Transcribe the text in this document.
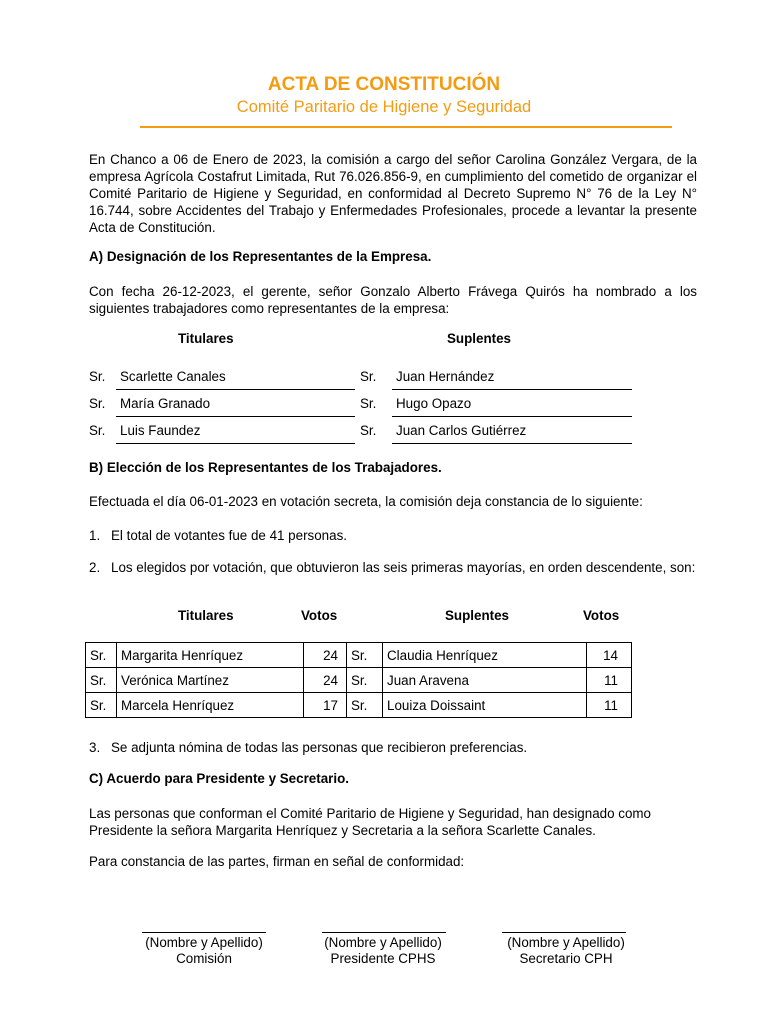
ACTA DE CONSTITUCIÓN
Comité Paritario de Higiene y Seguridad

En Chanco a 06 de Enero de 2023, la comisión a cargo del señor Carolina González Vergara, de la empresa Agrícola Costafrut Limitada, Rut 76.026.856-9, en cumplimiento del cometido de organizar el Comité Paritario de Higiene y Seguridad, en conformidad al Decreto Supremo N° 76 de la Ley N° 16.744, sobre Accidentes del Trabajo y Enfermedades Profesionales, procede a levantar la presente Acta de Constitución.

A) Designación de los Representantes de la Empresa.

Con fecha 26-12-2023, el gerente, señor Gonzalo Alberto Frávega Quirós ha nombrado a los siguientes trabajadores como representantes de la empresa:

Titulares	Suplentes
Sr. Scarlette Canales	Sr. Juan Hernández
Sr. María Granado	Sr. Hugo Opazo
Sr. Luis Faundez	Sr. Juan Carlos Gutiérrez
B) Elección de los Representantes de los Trabajadores.

Efectuada el día 06-01-2023 en votación secreta, la comisión deja constancia de lo siguiente:

1. El total de votantes fue de 41 personas.
2. Los elegidos por votación, que obtuvieron las seis primeras mayorías, en orden descendente, son:
Titulares	Votos	Suplentes	Votos
Sr.	Margarita Henríquez	24	Sr.	Claudia Henríquez	14
Sr.	Verónica Martínez	24	Sr.	Juan Aravena	11
Sr.	Marcela Henríquez	17	Sr.	Louiza Doissaint	11
3. Se adjunta nómina de todas las personas que recibieron preferencias.
C) Acuerdo para Presidente y Secretario.

Las personas que conforman el Comité Paritario de Higiene y Seguridad, han designado como Presidente la señora Margarita Henríquez y Secretaria a la señora Scarlette Canales.

Para constancia de las partes, firman en señal de conformidad:

(Nombre y Apellido)
Comisión
(Nombre y Apellido)
Presidente CPHS
(Nombre y Apellido)
Secretario CPH
